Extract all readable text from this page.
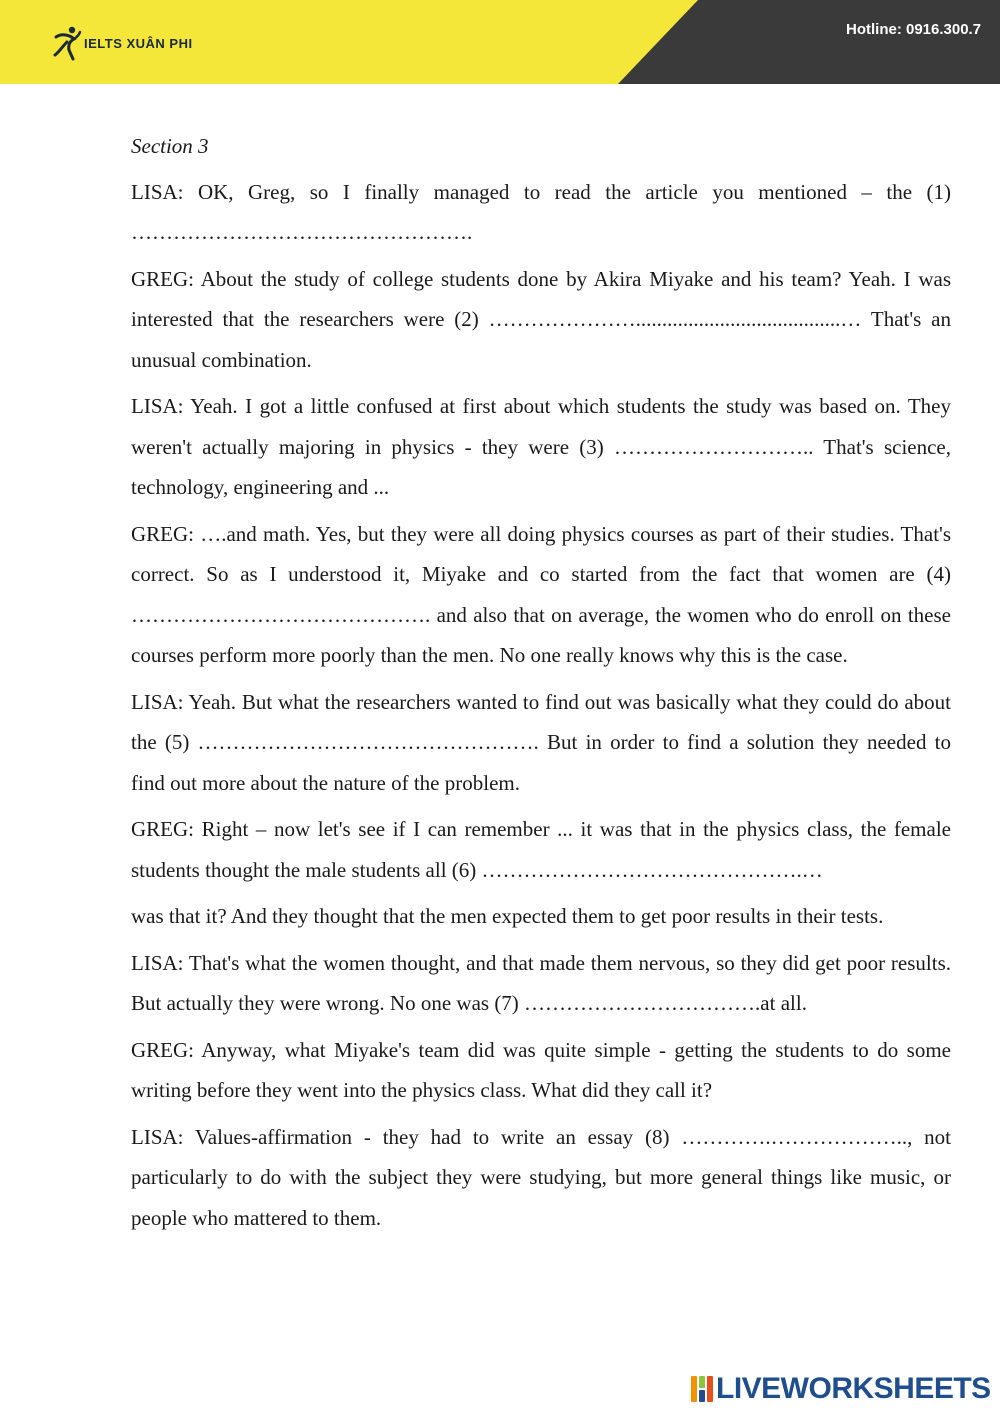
IELTS XUÂN PHI
Hotline: 0916.300.7

Section 3

LISA: OK, Greg, so I finally managed to read the article you mentioned – the (1) ………………………………………….

GREG: About the study of college students done by Akira Miyake and his team? Yeah. I was interested that the researchers were (2) ………………….......................................… That's an unusual combination.

LISA: Yeah. I got a little confused at first about which students the study was based on. They weren't actually majoring in physics - they were (3) ……………………….. That's science, technology, engineering and ...

GREG: ….and math. Yes, but they were all doing physics courses as part of their studies. That's correct. So as I understood it, Miyake and co started from the fact that women are (4) ……………………………………. and also that on average, the women who do enroll on these courses perform more poorly than the men. No one really knows why this is the case.

LISA: Yeah. But what the researchers wanted to find out was basically what they could do about the (5) …………………………………………. But in order to find a solution they needed to find out more about the nature of the problem.

GREG: Right – now let's see if I can remember ... it was that in the physics class, the female students thought the male students all (6) ……………………………………….…

was that it? And they thought that the men expected them to get poor results in their tests.

LISA: That's what the women thought, and that made them nervous, so they did get poor results. But actually they were wrong. No one was (7) …………………………….at all.

GREG: Anyway, what Miyake's team did was quite simple - getting the students to do some writing before they went into the physics class. What did they call it?

LISA: Values-affirmation - they had to write an essay (8) ………….……………….., not particularly to do with the subject they were studying, but more general things like music, or people who mattered to them.

LIVEWORKSHEETS
